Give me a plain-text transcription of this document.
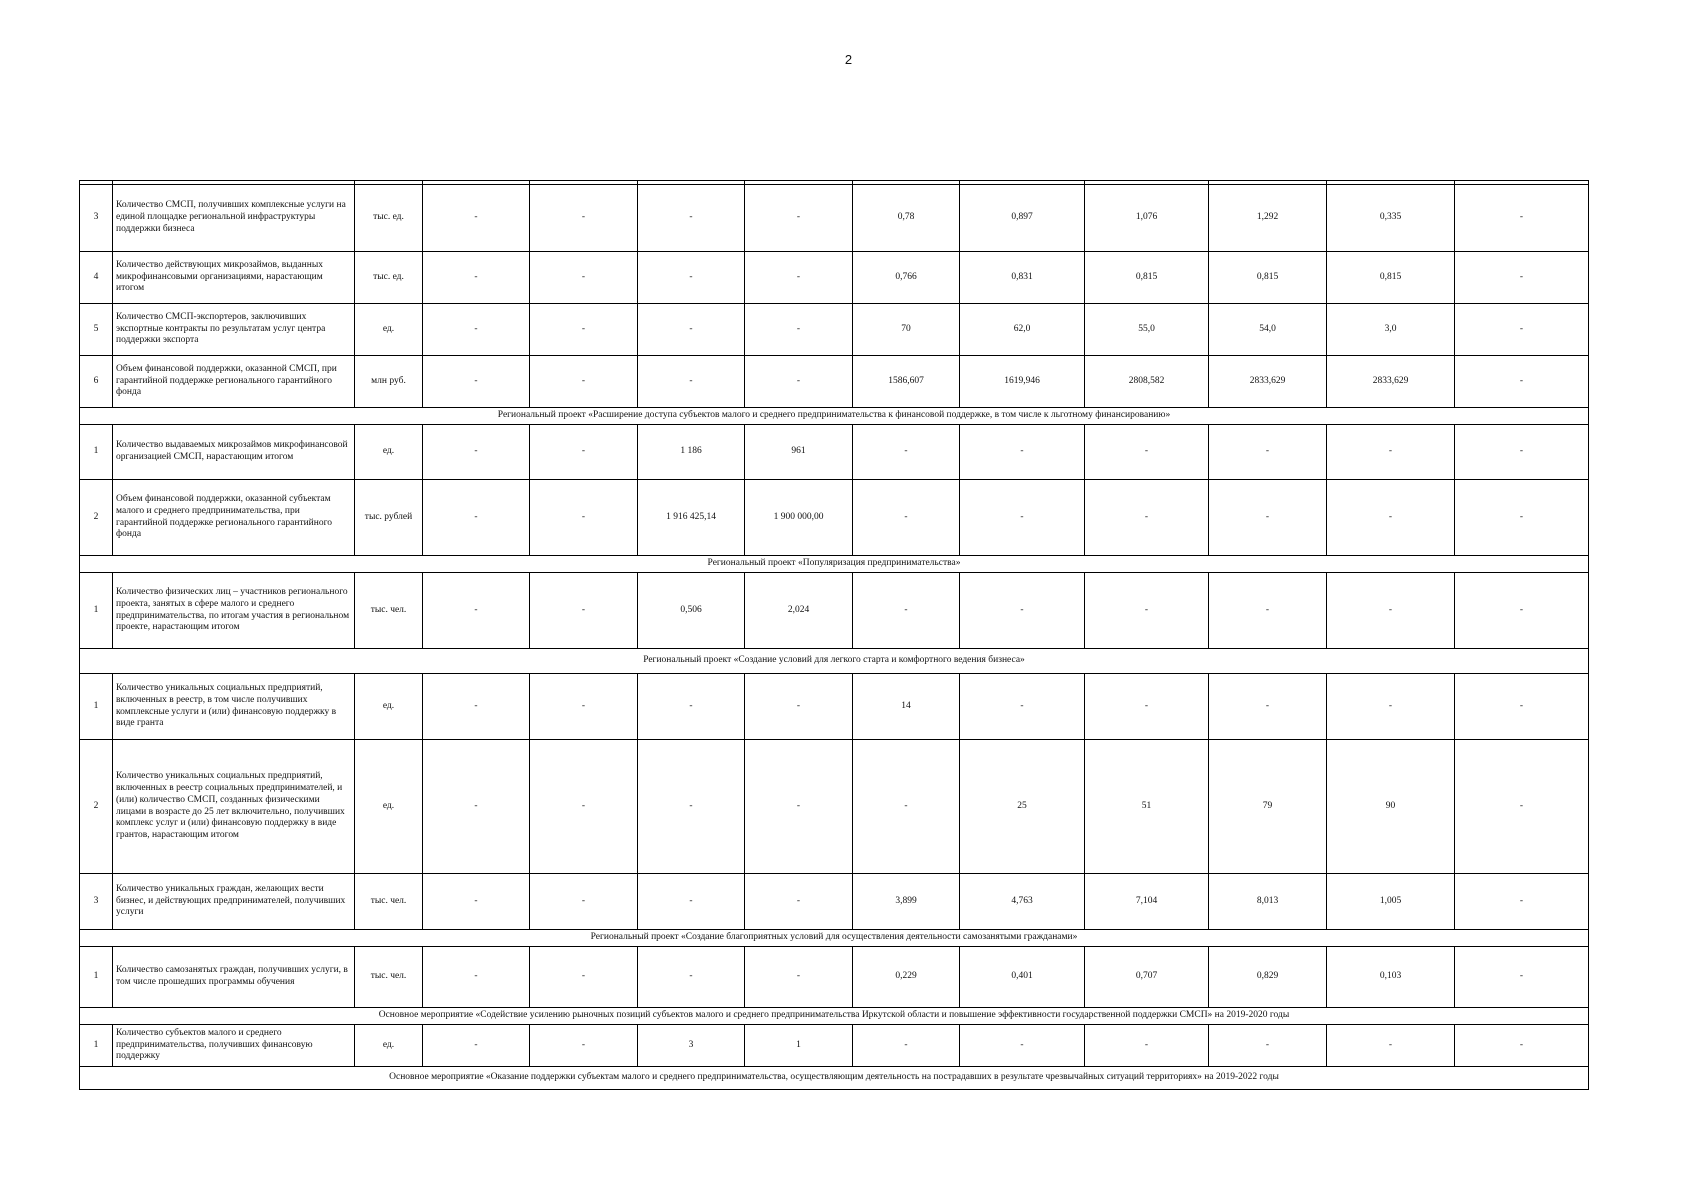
2

3	Количество СМСП, получивших комплексные услуги на единой площадке региональной инфраструктуры поддержки бизнеса	тыс. ед.	-	-	-	-	0,78	0,897	1,076	1,292	0,335	-
4	Количество действующих микрозаймов, выданных микрофинансовыми организациями, нарастающим итогом	тыс. ед.	-	-	-	-	0,766	0,831	0,815	0,815	0,815	-
5	Количество СМСП-экспортеров, заключивших экспортные контракты по результатам услуг центра поддержки экспорта	ед.	-	-	-	-	70	62,0	55,0	54,0	3,0	-
6	Объем финансовой поддержки, оказанной СМСП, при гарантийной поддержке регионального гарантийного фонда	млн руб.	-	-	-	-	1586,607	1619,946	2808,582	2833,629	2833,629	-
Региональный проект «Расширение доступа субъектов малого и среднего предпринимательства к финансовой поддержке, в том числе к льготному финансированию»												
1	Количество выдаваемых микрозаймов микрофинансовой организацией СМСП, нарастающим итогом	ед.	-	-	1 186	961	-	-	-	-	-	-
2	Объем финансовой поддержки, оказанной субъектам малого и среднего предпринимательства, при гарантийной поддержке регионального гарантийного фонда	тыс. рублей	-	-	1 916 425,14	1 900 000,00	-	-	-	-	-	-
Региональный проект «Популяризация предпринимательства»												
1	Количество физических лиц – участников регионального проекта, занятых в сфере малого и среднего предпринимательства, по итогам участия в региональном проекте, нарастающим итогом	тыс. чел.	-	-	0,506	2,024	-	-	-	-	-	-
Региональный проект «Создание условий для легкого старта и комфортного ведения бизнеса»												
1	Количество уникальных социальных предприятий, включенных в реестр, в том числе получивших комплексные услуги и (или) финансовую поддержку в виде гранта	ед.	-	-	-	-	14	-	-	-	-	-
2	Количество уникальных социальных предприятий, включенных в реестр социальных предпринимателей, и (или) количество СМСП, созданных физическими лицами в возрасте до 25 лет включительно, получивших комплекс услуг и (или) финансовую поддержку в виде грантов, нарастающим итогом	ед.	-	-	-	-	-	25	51	79	90	-
3	Количество уникальных граждан, желающих вести бизнес, и действующих предпринимателей, получивших услуги	тыс. чел.	-	-	-	-	3,899	4,763	7,104	8,013	1,005	-
Региональный проект «Создание благоприятных условий для осуществления деятельности самозанятыми гражданами»												
1	Количество самозанятых граждан, получивших услуги, в том числе прошедших программы обучения	тыс. чел.	-	-	-	-	0,229	0,401	0,707	0,829	0,103	-
Основное мероприятие «Содействие усилению рыночных позиций субъектов малого и среднего предпринимательства Иркутской области и повышение эффективности государственной поддержки СМСП» на 2019-2020 годы												
1	Количество субъектов малого и среднего предпринимательства, получивших финансовую поддержку	ед.	-	-	3	1	-	-	-	-	-	-
Основное мероприятие «Оказание поддержки субъектам малого и среднего предпринимательства, осуществляющим деятельность на пострадавших в результате чрезвычайных ситуаций территориях» на 2019-2022 годы												
